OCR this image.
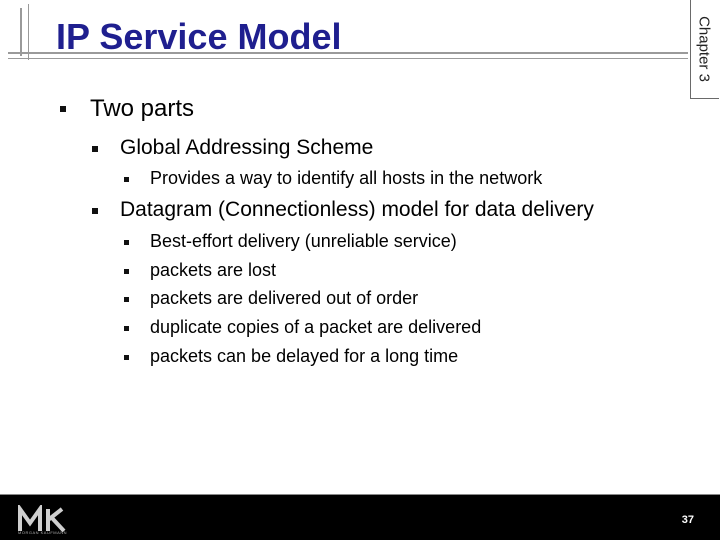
IP Service Model	Chapter 3
Two parts
Global Addressing Scheme
Provides a way to identify all hosts in the network
Datagram (Connectionless) model for data delivery
Best-effort delivery (unreliable service)
packets are lost
packets are delivered out of order
duplicate copies of a packet are delivered
packets can be delayed for a long time
MORGAN KAUFMANN
37
